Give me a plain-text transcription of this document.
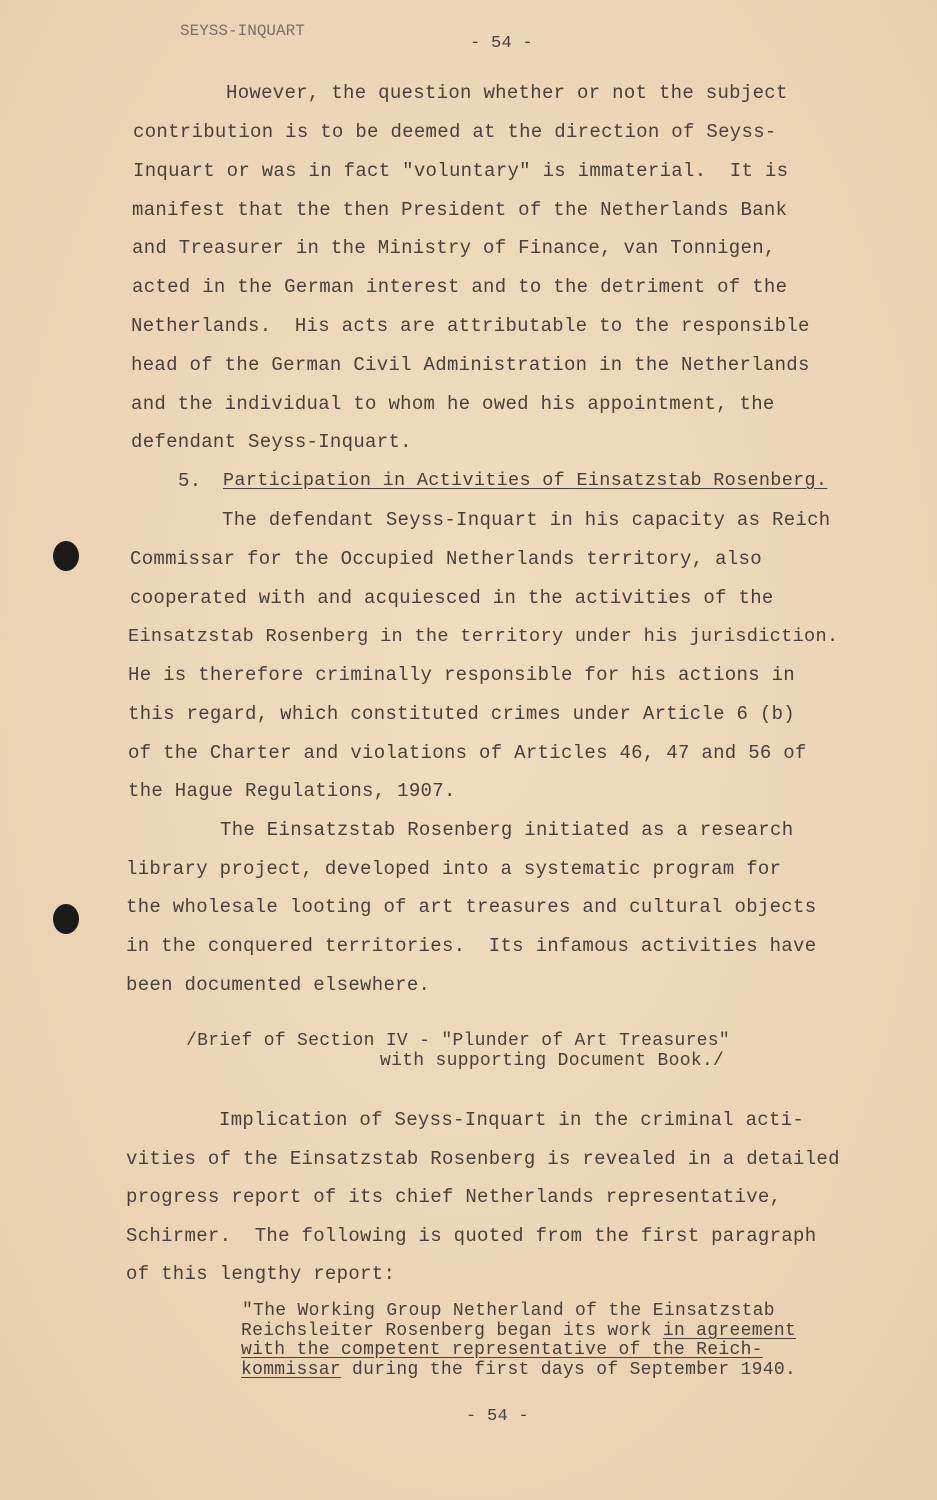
SEYSS-INQUART
- 54 -
However, the question whether or not the subject
contribution is to be deemed at the direction of Seyss-
Inquart or was in fact "voluntary" is immaterial.  It is
manifest that the then President of the Netherlands Bank
and Treasurer in the Ministry of Finance, van Tonnigen,
acted in the German interest and to the detriment of the
Netherlands.  His acts are attributable to the responsible
head of the German Civil Administration in the Netherlands
and the individual to whom he owed his appointment, the
defendant Seyss-Inquart.
5. Participation in Activities of Einsatzstab Rosenberg.
The defendant Seyss-Inquart in his capacity as Reich
Commissar for the Occupied Netherlands territory, also
cooperated with and acquiesced in the activities of the
Einsatzstab Rosenberg in the territory under his jurisdiction.
He is therefore criminally responsible for his actions in
this regard, which constituted crimes under Article 6 (b)
of the Charter and violations of Articles 46, 47 and 56 of
the Hague Regulations, 1907.
The Einsatzstab Rosenberg initiated as a research
library project, developed into a systematic program for
the wholesale looting of art treasures and cultural objects
in the conquered territories.  Its infamous activities have
been documented elsewhere.
/Brief of Section IV - "Plunder of Art Treasures"
with supporting Document Book./
Implication of Seyss-Inquart in the criminal acti-
vities of the Einsatzstab Rosenberg is revealed in a detailed
progress report of its chief Netherlands representative,
Schirmer.  The following is quoted from the first paragraph
of this lengthy report:
"The Working Group Netherland of the Einsatzstab
Reichsleiter Rosenberg began its work in agreement
with the competent representative of the Reich-
kommissar during the first days of September 1940.
- 54 -
